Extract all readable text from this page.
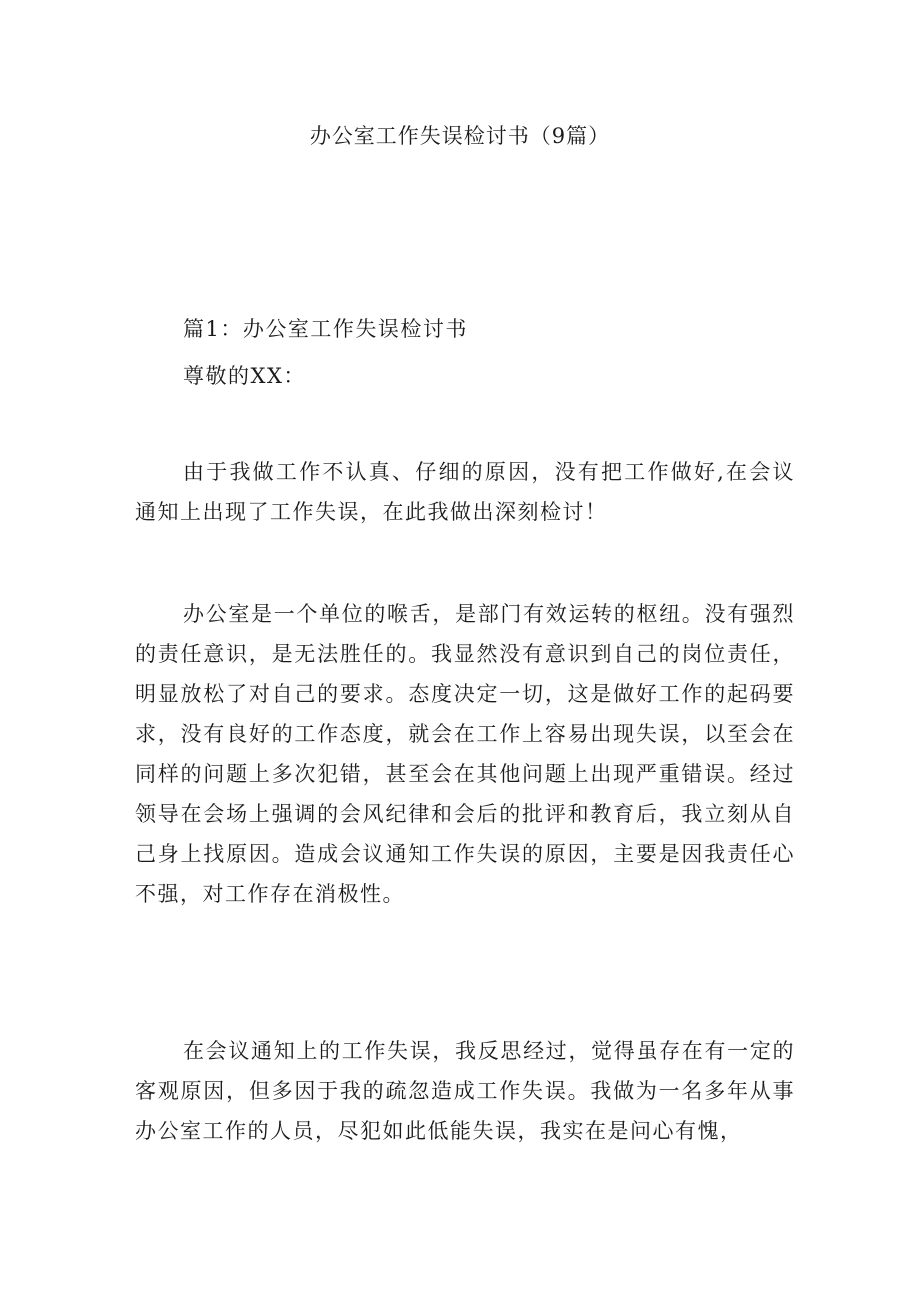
办公室工作失误检讨书（9篇）

篇1：办公室工作失误检讨书

尊敬的XX：

由于我做工作不认真、仔细的原因，没有把工作做好,在会议通知上出现了工作失误，在此我做出深刻检讨！

办公室是一个单位的喉舌，是部门有效运转的枢纽。没有强烈的责任意识，是无法胜任的。我显然没有意识到自己的岗位责任，明显放松了对自己的要求。态度决定一切，这是做好工作的起码要求，没有良好的工作态度，就会在工作上容易出现失误，以至会在同样的问题上多次犯错，甚至会在其他问题上出现严重错误。经过领导在会场上强调的会风纪律和会后的批评和教育后，我立刻从自己身上找原因。造成会议通知工作失误的原因，主要是因我责任心不强，对工作存在消极性。

在会议通知上的工作失误，我反思经过，觉得虽存在有一定的客观原因，但多因于我的疏忽造成工作失误。我做为一名多年从事办公室工作的人员，尽犯如此低能失误，我实在是问心有愧，
